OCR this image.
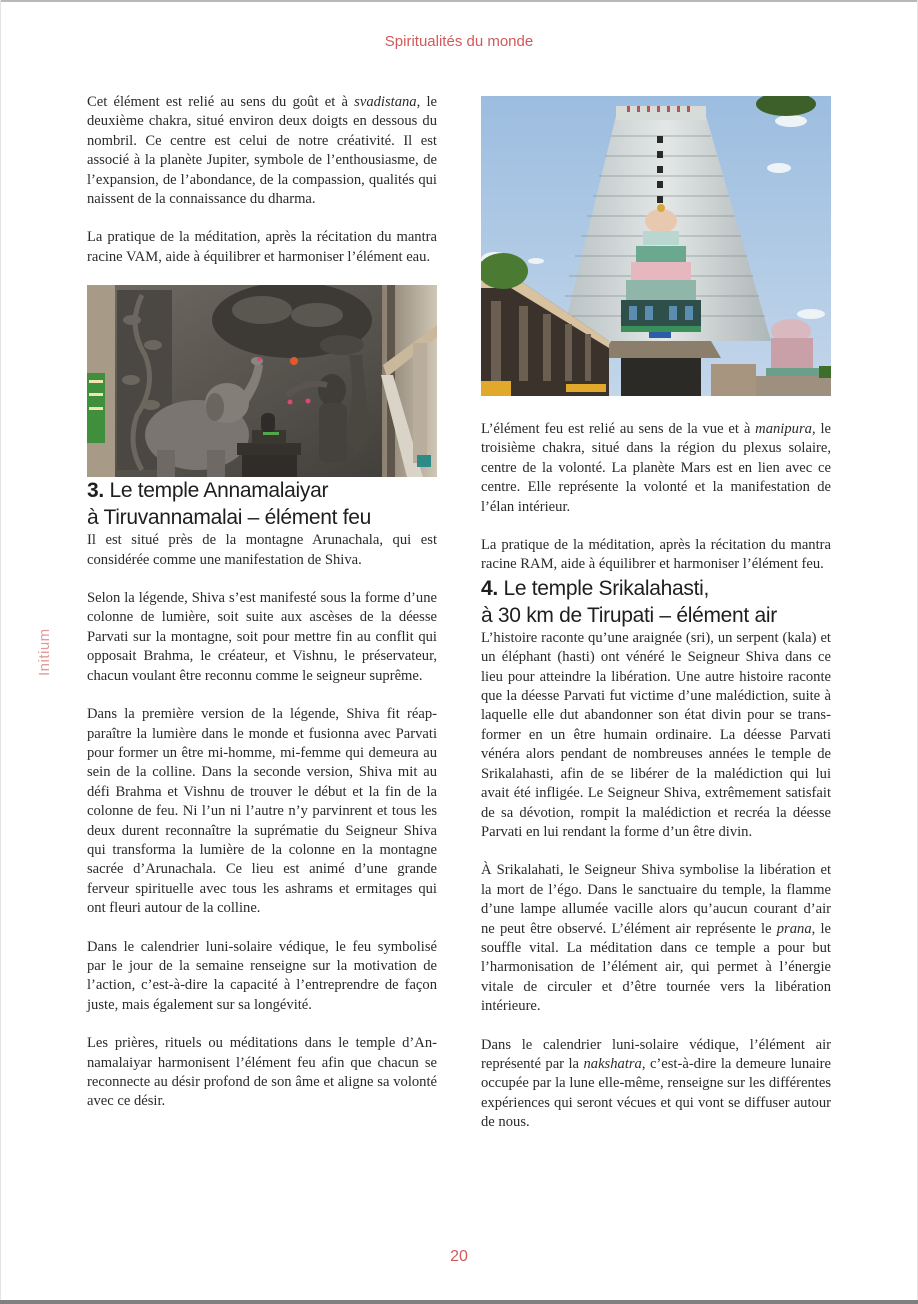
Spiritualités du monde
Initium

Cet élément est relié au sens du goût et à svadistana, le deuxième chakra, situé environ deux doigts en dessous du nombril. Ce centre est celui de notre créativité. Il est associé à la planète Jupiter, symbole de l’enthousiasme, de l’expansion, de l’abondance, de la compassion, qualités qui naissent de la connaissance du dharma.

La pratique de la méditation, après la récitation du mantra racine VAM, aide à équilibrer et harmoniser l’élément eau.

3. Le temple Annamalaiyar
à Tiruvannamalai – élément feu

Il est situé près de la montagne Arunachala, qui est considérée comme une manifestation de Shiva.

Selon la légende, Shiva s’est manifesté sous la forme d’une colonne de lumière, soit suite aux ascèses de la déesse Parvati sur la montagne, soit pour mettre fin au conflit qui opposait Brahma, le créateur, et Vishnu, le préservateur, chacun voulant être reconnu comme le seigneur suprême.

Dans la première version de la légende, Shiva fit réapparaître la lumière dans le monde et fusionna avec Parvati pour former un être mi-homme, mi-femme qui demeura au sein de la colline. Dans la seconde version, Shiva mit au défi Brahma et Vishnu de trouver le début et la fin de la colonne de feu. Ni l’un ni l’autre n’y parvinrent et tous les deux durent reconnaître la suprématie du Seigneur Shiva qui transforma la lumière de la colonne en la montagne sacrée d’Arunachala. Ce lieu est animé d’une grande ferveur spirituelle avec tous les ashrams et ermitages qui ont fleuri autour de la colline.

Dans le calendrier luni-solaire védique, le feu symbolisé par le jour de la semaine renseigne sur la motivation de l’action, c’est-à-dire la capacité à l’entreprendre de façon juste, mais également sur sa longévité.

Les prières, rituels ou méditations dans le temple d’Annamalaiyar harmonisent l’élément feu afin que chacun se reconnecte au désir profond de son âme et aligne sa volonté avec ce désir.

L’élément feu est relié au sens de la vue et à manipura, le troisième chakra, situé dans la région du plexus solaire, centre de la volonté. La planète Mars est en lien avec ce centre. Elle représente la volonté et la manifestation de l’élan intérieur.

La pratique de la méditation, après la récitation du mantra racine RAM, aide à équilibrer et harmoniser l’élément feu.

4. Le temple Srikalahasti,
à 30 km de Tirupati – élément air

L’histoire raconte qu’une araignée (sri), un serpent (kala) et un éléphant (hasti) ont vénéré le Seigneur Shiva dans ce lieu pour atteindre la libération. Une autre histoire raconte que la déesse Parvati fut victime d’une malédiction, suite à laquelle elle dut abandonner son état divin pour se transformer en un être humain ordinaire. La déesse Parvati vénéra alors pendant de nombreuses années le temple de Srikalahasti, afin de se libérer de la malédiction qui lui avait été infligée. Le Seigneur Shiva, extrêmement satisfait de sa dévotion, rompit la malédiction et recréa la déesse Parvati en lui rendant la forme d’un être divin.

À Srikalahati, le Seigneur Shiva symbolise la libération et la mort de l’égo. Dans le sanctuaire du temple, la flamme d’une lampe allumée vacille alors qu’aucun courant d’air ne peut être observé. L’élément air représente le prana, le souffle vital. La méditation dans ce temple a pour but l’harmonisation de l’élément air, qui permet à l’énergie vitale de circuler et d’être tournée vers la libération intérieure.

Dans le calendrier luni-solaire védique, l’élément air représenté par la nakshatra, c’est-à-dire la demeure lunaire occupée par la lune elle-même, renseigne sur les différentes expériences qui seront vécues et qui vont se diffuser autour de nous.

20
